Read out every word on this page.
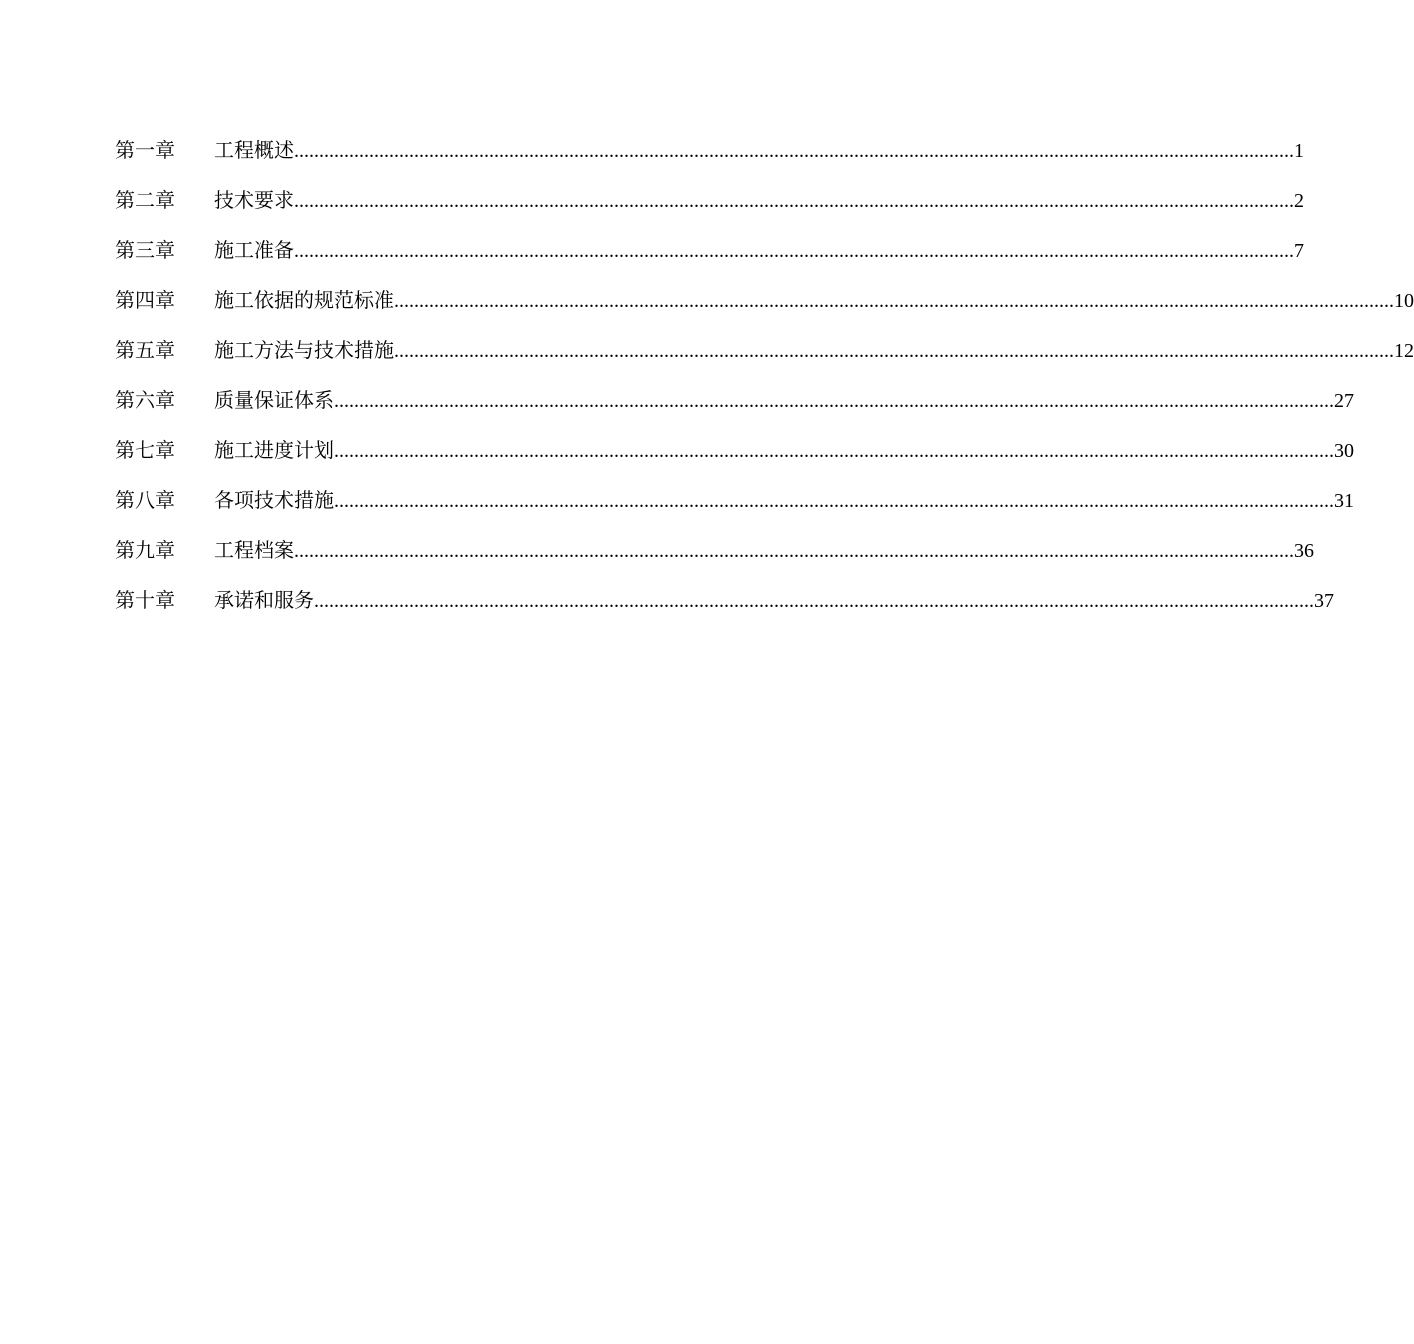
第一章	工程概述 ........................................................................................................................................................................................................ 1
第二章	技术要求 ........................................................................................................................................................................................................ 2
第三章	施工准备 ........................................................................................................................................................................................................ 7
第四章	施工依据的规范标准 ........................................................................................................................................................................................................ 10
第五章	施工方法与技术措施 ........................................................................................................................................................................................................ 12
第六章	质量保证体系 ........................................................................................................................................................................................................ 27
第七章	施工进度计划 ........................................................................................................................................................................................................ 30
第八章	各项技术措施 ........................................................................................................................................................................................................ 31
第九章	工程档案 ........................................................................................................................................................................................................ 36
第十章	承诺和服务 ........................................................................................................................................................................................................ 37
